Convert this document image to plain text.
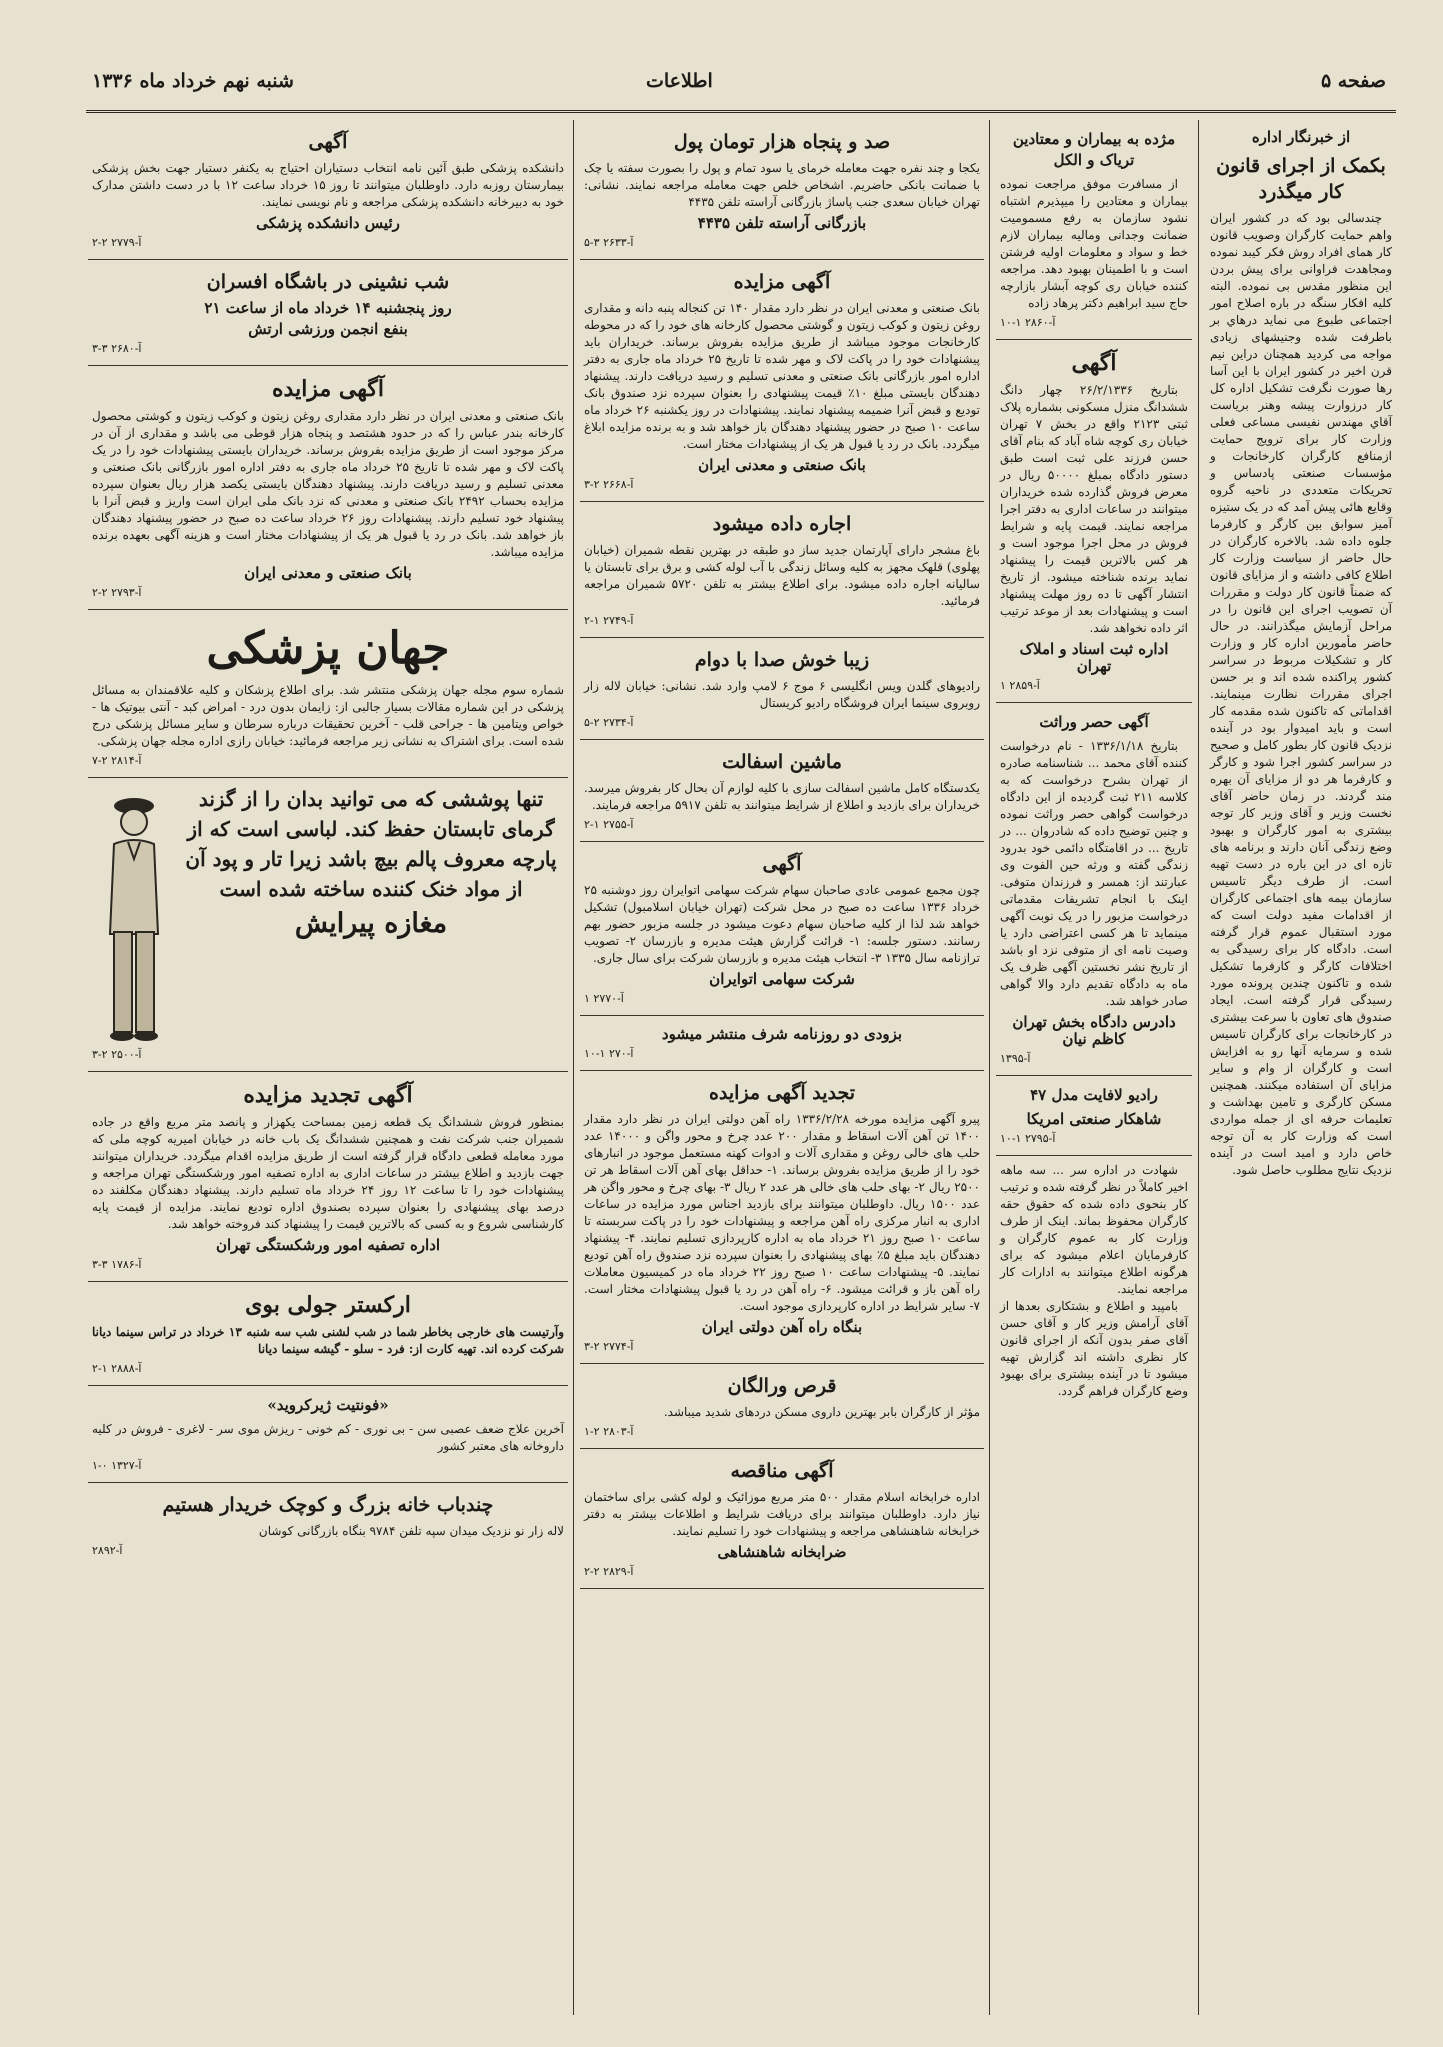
صفحه ۵
اطلاعات
شنبه نهم خرداد ماه ۱۳۳۶
از خبرنگار اداره
بکمک از اجرای قانون کار میگذرد

چندسالی بود که در کشور ایران واهم حمایت کارگران وصویب قانون کار همای افراد روش فکر کیبد نموده ومجاهدت فراوانی برای پیش بردن این منظور مقدس بی نموده. البته کلیه افکار سنگه در باره اصلاح امور اجتماعی طبوع می نماید درهاي بر باطرفت شده وجنیشهای زیادی مواجه می کردید همچنان دراین نیم قرن اخیر در کشور ایران با این آسا رها صورت نگرفت تشکیل اداره کل کار درزوارت پیشه وهنر برياست آقاي مهندس نفیسی مساعی فعلی وزارت کار برای ترویج حمایت ازمنافع کارگران کارخانجات و مؤسسات صنعتی پادساس و تحریکات متعددی در ناحیه گروه وقایع هائی پیش آمد که در یک ستیزه آمیز سوابق بین کارگر و کارفرما جلوه داده شد. بالاخره کارگران در حال حاضر از سیاست وزارت کار اطلاع کافی داشته و از مزایای قانون که ضمناً قانون کار دولت و مقررات آن تصویب اجرای این قانون را در مراحل آزمایش میگذرانند. در حال حاضر مأمورین اداره کار و وزارت کار و تشکیلات مربوط در سراسر کشور پراکنده شده اند و بر حسن اجرای مقررات نظارت مینمایند. اقداماتی که تاکنون شده مقدمه کار است و باید امیدوار بود در آینده نزدیک قانون کار بطور کامل و صحیح در سراسر کشور اجرا شود و کارگر و کارفرما هر دو از مزایای آن بهره مند گردند. در زمان حاضر آقای نخست وزیر و آقای وزیر کار توجه بیشتری به امور کارگران و بهبود وضع زندگی آنان دارند و برنامه های تازه ای در این باره در دست تهیه است. از طرف دیگر تاسیس سازمان بیمه های اجتماعی کارگران از اقدامات مفید دولت است که مورد استقبال عموم قرار گرفته است. دادگاه کار برای رسیدگی به اختلافات کارگر و کارفرما تشکیل شده و تاکنون چندین پرونده مورد رسیدگی قرار گرفته است. ایجاد صندوق های تعاون با سرعت بیشتری در کارخانجات برای کارگران تاسیس شده و سرمایه آنها رو به افزایش است و کارگران از وام و سایر مزایای آن استفاده میکنند. همچنین مسکن کارگری و تامین بهداشت و تعلیمات حرفه ای از جمله مواردی است که وزارت کار به آن توجه خاص دارد و امید است در آینده نزدیک نتایج مطلوب حاصل شود.

مژده به بیماران و معتادین تریاک و الکل

از مسافرت موفق مراجعت نموده بیماران و معتادین را میپذیرم اشتباه نشود سازمان به رفع مسمومیت ضمانت وجدانی ومالیه بیماران لازم خط و سواد و معلومات اولیه فرشتن است و با اطمینان بهبود دهد. مراجعه کننده خیابان ری کوچه آبشار بازارچه حاج سید ابراهیم دکتر پرهاد زاده

آ-۲۸۶۰ ۱-۱۰
آگهی

بتاریخ ۲۶/۲/۱۳۳۶ چهار دانگ ششدانگ منزل مسکونی بشماره پلاک ثبتی ۲۱۲۳ واقع در بخش ۷ تهران خیابان ری کوچه شاه آباد که بنام آقای حسن فرزند علی ثبت است طبق دستور دادگاه بمبلغ ۵۰۰۰۰ ریال در معرض فروش گذارده شده خریداران میتوانند در ساعات اداری به دفتر اجرا مراجعه نمایند. قیمت پایه و شرایط فروش در محل اجرا موجود است و هر کس بالاترین قیمت را پیشنهاد نماید برنده شناخته میشود. از تاریخ انتشار آگهی تا ده روز مهلت پیشنهاد است و پیشنهادات بعد از موعد ترتیب اثر داده نخواهد شد.

اداره ثبت اسناد و املاک تهران
آ-۲۸۵۹ ۱
آگهی حصر وراثت

بتاریخ ۱۳۳۶/۱/۱۸ - نام درخواست کننده آقای محمد ... شناسنامه صادره از تهران بشرح درخواست که به کلاسه ۲۱۱ ثبت گردیده از این دادگاه درخواست گواهی حصر وراثت نموده و چنین توضیح داده که شادروان ... در تاریخ ... در اقامتگاه دائمی خود بدرود زندگی گفته و ورثه حین الفوت وی عبارتند از: همسر و فرزندان متوفی. اینک با انجام تشریفات مقدماتی درخواست مزبور را در یک نوبت آگهی مینماید تا هر کسی اعتراضی دارد یا وصیت نامه ای از متوفی نزد او باشد از تاریخ نشر نخستین آگهی ظرف یک ماه به دادگاه تقدیم دارد والا گواهی صادر خواهد شد.

دادرس دادگاه بخش تهران کاظم نیان
آ-۱۳۹۵
رادیو لافایت مدل ۴۷
شاهکار صنعتی امریکا
آ-۲۷۹۵ ۱-۱۰

شهادت در اداره سر ... سه ماهه اخیر کاملاً در نظر گرفته شده و ترتیب کار بنحوی داده شده که حقوق حقه کارگران محفوظ بماند. اینک از طرف وزارت کار به عموم کارگران و کارفرمایان اعلام میشود که برای هرگونه اطلاع میتوانند به ادارات کار مراجعه نمایند.

بامپید و اطلاع و بشتکاری بعدها از آقای آرامش وزیر کار و آقای حسن آقای صفر بدون آنکه از اجرای قانون کار نظری داشته اند گزارش تهیه میشود تا در آینده بیشتری برای بهبود وضع کارگران فراهم گردد.

صد و پنجاه هزار تومان پول

یکجا و چند نفره جهت معامله خرمای یا سود تمام و پول را بصورت سفته یا چک با ضمانت بانکی حاضریم. اشخاص خلص جهت معامله مراجعه نمایند. نشانی: تهران خیابان سعدی جنب پاساژ بازرگانی آراسته تلفن ۴۴۳۵

بازرگانی آراسته تلفن ۴۴۳۵
آ-۲۶۳۳ ۳-۵
آگهی مزایده

بانک صنعتی و معدنی ایران در نظر دارد مقدار ۱۴۰ تن کنجاله پنبه دانه و مقداری روغن زیتون و کوکب زیتون و گوشتی محصول کارخانه های خود را که در محوطه کارخانجات موجود میباشد از طریق مزایده بفروش برساند. خریداران باید پیشنهادات خود را در پاکت لاک و مهر شده تا تاریخ ۲۵ خرداد ماه جاری به دفتر اداره امور بازرگانی بانک صنعتی و معدنی تسلیم و رسید دریافت دارند. پیشنهاد دهندگان بایستی مبلغ ۱۰٪ قیمت پیشنهادی را بعنوان سپرده نزد صندوق بانک تودیع و قبض آنرا ضمیمه پیشنهاد نمایند. پیشنهادات در روز یکشنبه ۲۶ خرداد ماه ساعت ۱۰ صبح در حضور پیشنهاد دهندگان باز خواهد شد و به برنده مزایده ابلاغ میگردد. بانک در رد یا قبول هر یک از پیشنهادات مختار است.

بانک صنعتی و معدنی ایران
آ-۲۶۶۸ ۲-۳
اجاره داده میشود

باغ مشجر دارای آپارتمان جدید ساز دو طبقه در بهترین نقطه شمیران (خیابان پهلوی) قلهک مجهز به کلیه وسائل زندگی با آب لوله کشی و برق برای تابستان یا سالیانه اجاره داده میشود. برای اطلاع بیشتر به تلفن ۵۷۲۰ شمیران مراجعه فرمائید.

آ-۲۷۴۹ ۱-۲
زیبا خوش صدا با دوام

رادیوهای گلدن ویس انگلیسی ۶ موج ۶ لامپ وارد شد. نشانی: خیابان لاله زار روبروی سینما ایران فروشگاه رادیو کریستال

آ-۲۷۳۴ ۲-۵
ماشین اسفالت

یکدستگاه کامل ماشین اسفالت سازی با کلیه لوازم آن بحال کار بفروش میرسد. خریداران برای بازدید و اطلاع از شرایط میتوانند به تلفن ۵۹۱۷ مراجعه فرمایند.

آ-۲۷۵۵ ۱-۲
آگهی

چون مجمع عمومی عادی صاحبان سهام شرکت سهامی اتوایران روز دوشنبه ۲۵ خرداد ۱۳۳۶ ساعت ده صبح در محل شرکت (تهران خیابان اسلامبول) تشکیل خواهد شد لذا از کلیه صاحبان سهام دعوت میشود در جلسه مزبور حضور بهم رسانند. دستور جلسه: ۱- قرائت گزارش هیئت مدیره و بازرسان ۲- تصویب ترازنامه سال ۱۳۳۵ ۳- انتخاب هیئت مدیره و بازرسان شرکت برای سال جاری.

شرکت سهامی اتوایران
آ-۲۷۷۰ ۱
بزودی دو روزنامه شرف منتشر میشود
آ-۲۷۰ ۱-۱۰
تجدید آگهی مزایده

پیرو آگهی مزایده مورخه ۱۳۳۶/۲/۲۸ راه آهن دولتی ایران در نظر دارد مقدار ۱۴۰۰ تن آهن آلات اسقاط و مقدار ۲۰۰ عدد چرخ و محور واگن و ۱۴۰۰۰ عدد حلب های خالی روغن و مقداری آلات و ادوات کهنه مستعمل موجود در انبارهای خود را از طریق مزایده بفروش برساند. ۱- حداقل بهای آهن آلات اسقاط هر تن ۲۵۰۰ ریال ۲- بهای حلب های خالی هر عدد ۲ ریال ۳- بهای چرخ و محور واگن هر عدد ۱۵۰۰ ریال. داوطلبان میتوانند برای بازدید اجناس مورد مزایده در ساعات اداری به انبار مرکزی راه آهن مراجعه و پیشنهادات خود را در پاکت سربسته تا ساعت ۱۰ صبح روز ۲۱ خرداد ماه به اداره کارپردازی تسلیم نمایند. ۴- پیشنهاد دهندگان باید مبلغ ۵٪ بهای پیشنهادی را بعنوان سپرده نزد صندوق راه آهن تودیع نمایند. ۵- پیشنهادات ساعت ۱۰ صبح روز ۲۲ خرداد ماه در کمیسیون معاملات راه آهن باز و قرائت میشود. ۶- راه آهن در رد یا قبول پیشنهادات مختار است. ۷- سایر شرایط در اداره کارپردازی موجود است.

بنگاه راه آهن دولتی ایران
آ-۲۷۷۴ ۲-۳
قرص ورالگان

مؤثر از کارگران بابر بهترین داروی مسکن دردهای شدید میباشد.

آ-۲۸۰۳ ۲-۱
آگهی مناقصه

اداره خرابخانه اسلام مقدار ۵۰۰ متر مربع موزائیک و لوله کشی برای ساختمان نیاز دارد. داوطلبان میتوانند برای دریافت شرایط و اطلاعات بیشتر به دفتر خرابخانه شاهنشاهی مراجعه و پیشنهادات خود را تسلیم نمایند.

ضرابخانه شاهنشاهی
آ-۲۸۲۹ ۲-۲
آگهی

دانشکده پزشکی طبق آئین نامه انتخاب دستیاران احتیاج به یکنفر دستیار جهت بخش پزشکی بیمارستان روزبه دارد. داوطلبان میتوانند تا روز ۱۵ خرداد ساعت ۱۲ با در دست داشتن مدارک خود به دبیرخانه دانشکده پزشکی مراجعه و نام نویسی نمایند.

رئیس دانشکده پزشکی
آ-۲۷۷۹ ۲-۲
شب نشینی در باشگاه افسران
روز پنجشنبه ۱۴ خرداد ماه از ساعت ۲۱
بنفع انجمن ورزشی ارتش
آ-۲۶۸۰ ۳-۳
آگهی مزایده

بانک صنعتی و معدنی ایران در نظر دارد مقداری روغن زیتون و کوکب زیتون و کوشتی محصول کارخانه بندر عباس را که در حدود هشتصد و پنجاه هزار قوطی می باشد و مقداری از آن در مرکز موجود است از طریق مزایده بفروش برساند. خریداران بایستی پیشنهادات خود را در یک پاکت لاک و مهر شده تا تاریخ ۲۵ خرداد ماه جاری به دفتر اداره امور بازرگانی بانک صنعتی و معدنی تسلیم و رسید دریافت دارند. پیشنهاد دهندگان بایستی یکصد هزار ریال بعنوان سپرده مزایده بحساب ۲۴۹۲ بانک صنعتی و معدنی که نزد بانک ملی ایران است واریز و قبض آنرا با پیشنهاد خود تسلیم دارند. پیشنهادات روز ۲۶ خرداد ساعت ده صبح در حضور پیشنهاد دهندگان باز خواهد شد. بانک در رد یا قبول هر یک از پیشنهادات مختار است و هزینه آگهی بعهده برنده مزایده میباشد.

بانک صنعتی و معدنی ایران
آ-۲۷۹۳ ۲-۲
جهان پزشکی

شماره سوم مجله جهان پزشکی منتشر شد. برای اطلاع پزشکان و کلیه علاقمندان به مسائل پزشکی در این شماره مقالات بسیار جالبی از: زایمان بدون درد - امراض کبد - آنتی بیوتیک ها - خواص ویتامین ها - جراحی قلب - آخرین تحقیقات درباره سرطان و سایر مسائل پزشکی درج شده است. برای اشتراک به نشانی زیر مراجعه فرمائید: خیابان رازی اداره مجله جهان پزشکی.

آ-۲۸۱۴ ۲-۷

تنها پوششی که می توانید بدان را از گزند گرمای تابستان حفظ کند. لباسی است که از پارچه معروف پالم بیچ باشد زیرا تار و پود آن از مواد خنک کننده ساخته شده است

مغازه پیرایش
آ-۲۵۰۰ ۲-۳
آگهی تجدید مزایده

بمنظور فروش ششدانگ یک قطعه زمین بمساحت یکهزار و پانصد متر مربع واقع در جاده شمیران جنب شرکت نفت و همچنین ششدانگ یک باب خانه در خیابان امیریه کوچه ملی که مورد معامله قطعی دادگاه قرار گرفته است از طریق مزایده اقدام میگردد. خریداران میتوانند جهت بازدید و اطلاع بیشتر در ساعات اداری به اداره تصفیه امور ورشکستگی تهران مراجعه و پیشنهادات خود را تا ساعت ۱۲ روز ۲۴ خرداد ماه تسلیم دارند. پیشنهاد دهندگان مکلفند ده درصد بهای پیشنهادی را بعنوان سپرده بصندوق اداره تودیع نمایند. مزایده از قیمت پایه کارشناسی شروع و به کسی که بالاترین قیمت را پیشنهاد کند فروخته خواهد شد.

اداره تصفیه امور ورشکستگی تهران
آ-۱۷۸۶ ۳-۳
ارکستر جولی بوی

وآرتیست های خارجی بخاطر شما در شب لشنی شب سه شنبه ۱۳ خرداد در تراس سینما دیانا شرکت کرده اند. تهیه کارت از: فرد - سلو - گیشه سینما دیانا

آ-۲۸۸۸ ۱-۲
«فونتیت ژیرکروید»

آخرین علاج ضعف عصبی سن - بی نوری - کم خونی - ریزش موی سر - لاغری - فروش در کلیه داروخانه های معتبر کشور

آ-۱۳۲۷ ۰-۱
چندباب خانه بزرگ و کوچک خریدار هستیم

لاله زار نو نزدیک میدان سپه تلفن ۹۷۸۴ بنگاه بازرگانی کوشان

آ-۲۸۹۲
